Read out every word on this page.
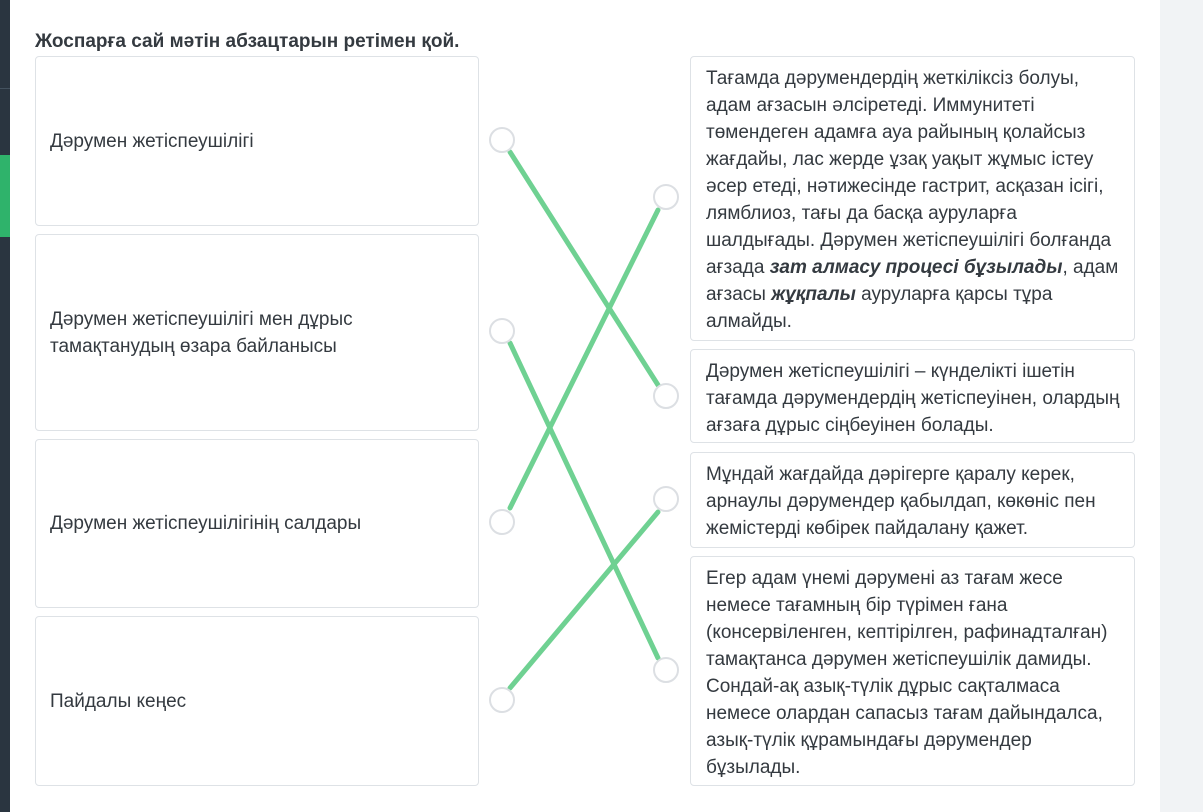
Жоспарға сай мәтін абзацтарын ретімен қой.
Дәрумен жетіспеушілігі
Дәрумен жетіспеушілігі мен дұрыс тамақтанудың өзара байланысы
Дәрумен жетіспеушілігінің салдары
Пайдалы кеңес
Тағамда дәрумендердің жеткіліксіз болуы, адам ағзасын әлсіретеді. Иммунитеті төмендеген адамға ауа райының қолайсыз жағдайы, лас жерде ұзақ уақыт жұмыс істеу әсер етеді, нәтижесінде гастрит, асқазан ісігі, лямблиоз, тағы да басқа ауруларға шалдығады. Дәрумен жетіспеушілігі болғанда ағзада зат алмасу процесі бұзылады, адам ағзасы жұқпалы ауруларға қарсы тұра алмайды.
Дәрумен жетіспеушілігі – күнделікті ішетін тағамда дәрумендердің жетіспеуінен, олардың ағзаға дұрыс сіңбеуінен болады.
Мұндай жағдайда дәрігерге қаралу керек, арнаулы дәрумендер қабылдап, көкөніс пен жемістерді көбірек пайдалану қажет.
Егер адам үнемі дәрумені аз тағам жесе немесе тағамның бір түрімен ғана (консервіленген, кептірілген, рафинадталған) тамақтанса дәрумен жетіспеушілік дамиды. Сондай-ақ азық-түлік дұрыс сақталмаса немесе олардан сапасыз тағам дайындалса, азық-түлік құрамындағы дәрумендер бұзылады.
